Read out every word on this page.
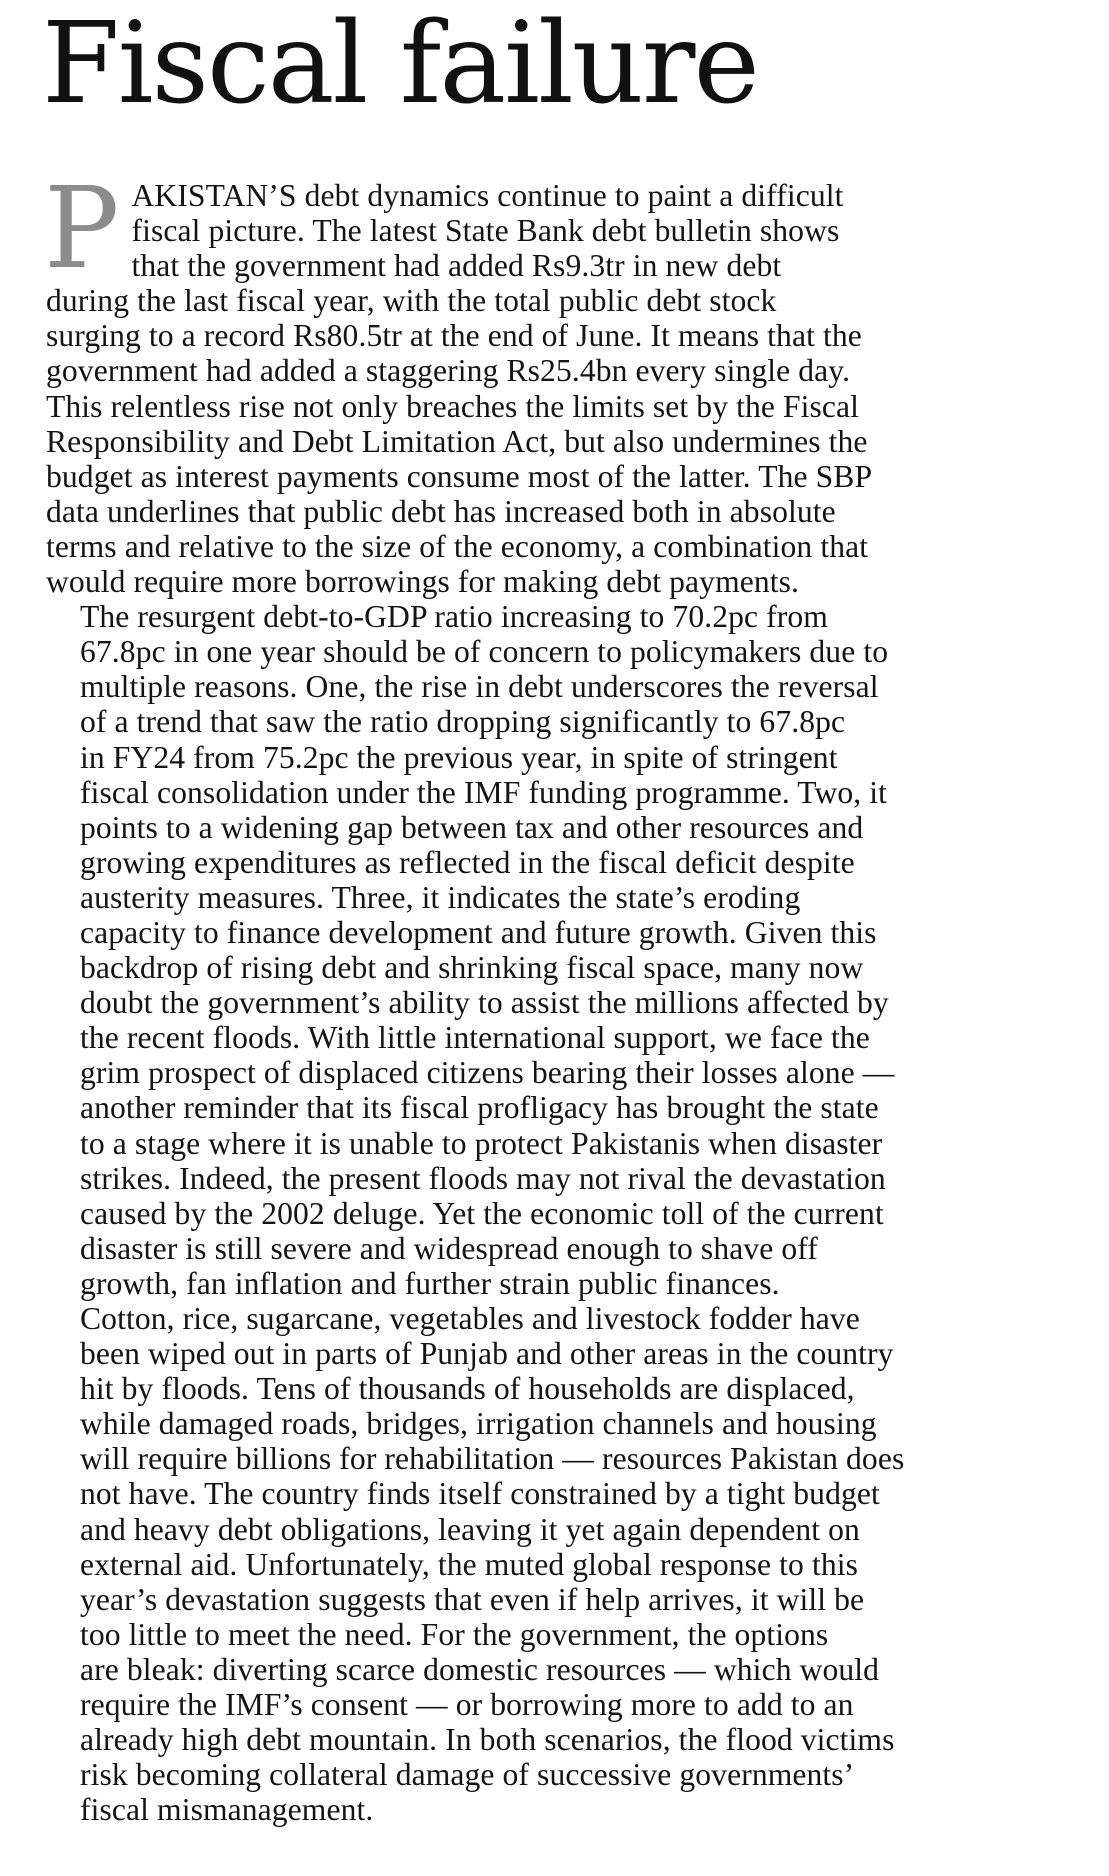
Fiscal failure

P AKISTAN’S debt dynamics continue to paint a difficult
fiscal picture. The latest State Bank debt bulletin shows
that the government had added Rs9.3tr in new debt
during the last fiscal year, with the total public debt stock
surging to a record Rs80.5tr at the end of June. It means that the
government had added a staggering Rs25.4bn every single day.
This relentless rise not only breaches the limits set by the Fiscal
Responsibility and Debt Limitation Act, but also undermines the
budget as interest payments consume most of the latter. The SBP
data underlines that public debt has increased both in absolute
terms and relative to the size of the economy, a combination that
would require more borrowings for making debt payments.

The resurgent debt-to-GDP ratio increasing to 70.2pc from
67.8pc in one year should be of concern to policymakers due to
multiple reasons. One, the rise in debt underscores the reversal
of a trend that saw the ratio dropping significantly to 67.8pc
in FY24 from 75.2pc the previous year, in spite of stringent
fiscal consolidation under the IMF funding programme. Two, it
points to a widening gap between tax and other resources and
growing expenditures as reflected in the fiscal deficit despite
austerity measures. Three, it indicates the state’s eroding
capacity to finance development and future growth. Given this
backdrop of rising debt and shrinking fiscal space, many now
doubt the government’s ability to assist the millions affected by
the recent floods. With little international support, we face the
grim prospect of displaced citizens bearing their losses alone —
another reminder that its fiscal profligacy has brought the state
to a stage where it is unable to protect Pakistanis when disaster
strikes. Indeed, the present floods may not rival the devastation
caused by the 2002 deluge. Yet the economic toll of the current
disaster is still severe and widespread enough to shave off
growth, fan inflation and further strain public finances.

Cotton, rice, sugarcane, vegetables and livestock fodder have
been wiped out in parts of Punjab and other areas in the country
hit by floods. Tens of thousands of households are displaced,
while damaged roads, bridges, irrigation channels and housing
will require billions for rehabilitation — resources Pakistan does
not have. The country finds itself constrained by a tight budget
and heavy debt obligations, leaving it yet again dependent on
external aid. Unfortunately, the muted global response to this
year’s devastation suggests that even if help arrives, it will be
too little to meet the need. For the government, the options
are bleak: diverting scarce domestic resources — which would
require the IMF’s consent — or borrowing more to add to an
already high debt mountain. In both scenarios, the flood victims
risk becoming collateral damage of successive governments’
fiscal mismanagement.
